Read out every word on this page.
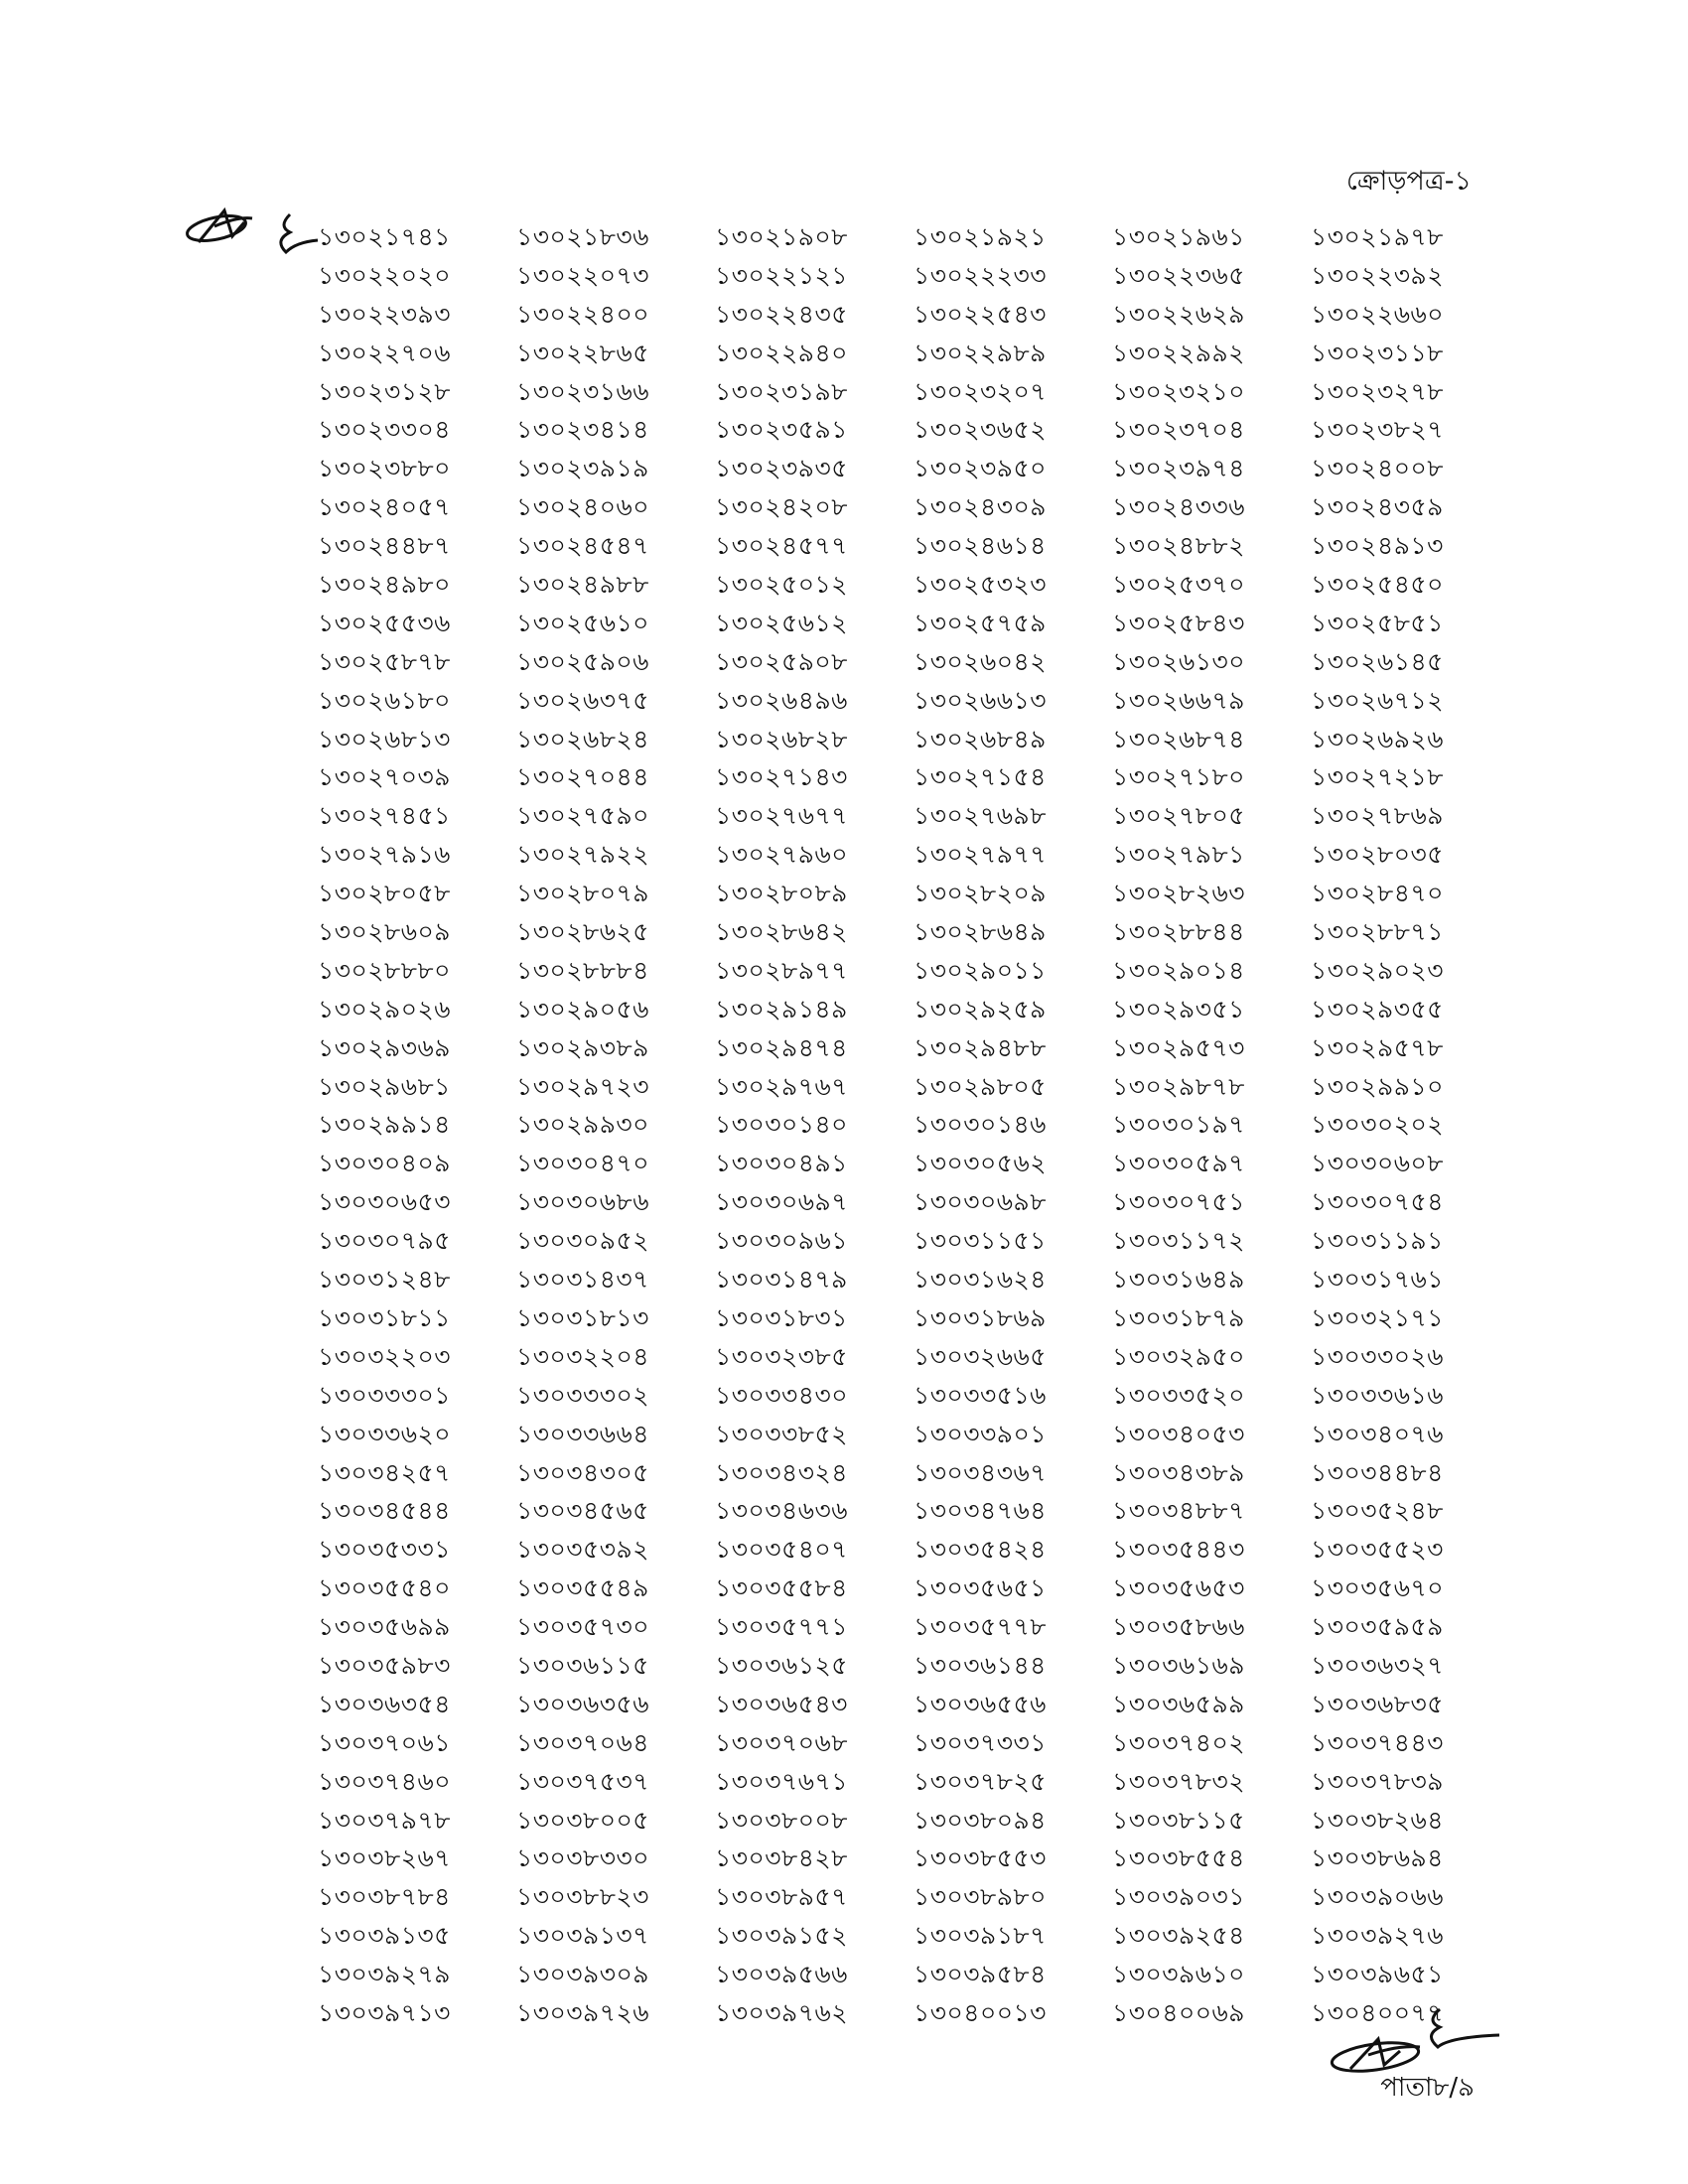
ক্রোড়পত্র-১
১৩০২১৭৪১	১৩০২১৮৩৬	১৩০২১৯০৮	১৩০২১৯২১	১৩০২১৯৬১	১৩০২১৯৭৮
১৩০২২০২০	১৩০২২০৭৩	১৩০২২১২১	১৩০২২২৩৩	১৩০২২৩৬৫	১৩০২২৩৯২
১৩০২২৩৯৩	১৩০২২৪০০	১৩০২২৪৩৫	১৩০২২৫৪৩	১৩০২২৬২৯	১৩০২২৬৬০
১৩০২২৭০৬	১৩০২২৮৬৫	১৩০২২৯৪০	১৩০২২৯৮৯	১৩০২২৯৯২	১৩০২৩১১৮
১৩০২৩১২৮	১৩০২৩১৬৬	১৩০২৩১৯৮	১৩০২৩২০৭	১৩০২৩২১০	১৩০২৩২৭৮
১৩০২৩৩০৪	১৩০২৩৪১৪	১৩০২৩৫৯১	১৩০২৩৬৫২	১৩০২৩৭০৪	১৩০২৩৮২৭
১৩০২৩৮৮০	১৩০২৩৯১৯	১৩০২৩৯৩৫	১৩০২৩৯৫০	১৩০২৩৯৭৪	১৩০২৪০০৮
১৩০২৪০৫৭	১৩০২৪০৬০	১৩০২৪২০৮	১৩০২৪৩০৯	১৩০২৪৩৩৬	১৩০২৪৩৫৯
১৩০২৪৪৮৭	১৩০২৪৫৪৭	১৩০২৪৫৭৭	১৩০২৪৬১৪	১৩০২৪৮৮২	১৩০২৪৯১৩
১৩০২৪৯৮০	১৩০২৪৯৮৮	১৩০২৫০১২	১৩০২৫৩২৩	১৩০২৫৩৭০	১৩০২৫৪৫০
১৩০২৫৫৩৬	১৩০২৫৬১০	১৩০২৫৬১২	১৩০২৫৭৫৯	১৩০২৫৮৪৩	১৩০২৫৮৫১
১৩০২৫৮৭৮	১৩০২৫৯০৬	১৩০২৫৯০৮	১৩০২৬০৪২	১৩০২৬১৩০	১৩০২৬১৪৫
১৩০২৬১৮০	১৩০২৬৩৭৫	১৩০২৬৪৯৬	১৩০২৬৬১৩	১৩০২৬৬৭৯	১৩০২৬৭১২
১৩০২৬৮১৩	১৩০২৬৮২৪	১৩০২৬৮২৮	১৩০২৬৮৪৯	১৩০২৬৮৭৪	১৩০২৬৯২৬
১৩০২৭০৩৯	১৩০২৭০৪৪	১৩০২৭১৪৩	১৩০২৭১৫৪	১৩০২৭১৮০	১৩০২৭২১৮
১৩০২৭৪৫১	১৩০২৭৫৯০	১৩০২৭৬৭৭	১৩০২৭৬৯৮	১৩০২৭৮০৫	১৩০২৭৮৬৯
১৩০২৭৯১৬	১৩০২৭৯২২	১৩০২৭৯৬০	১৩০২৭৯৭৭	১৩০২৭৯৮১	১৩০২৮০৩৫
১৩০২৮০৫৮	১৩০২৮০৭৯	১৩০২৮০৮৯	১৩০২৮২০৯	১৩০২৮২৬৩	১৩০২৮৪৭০
১৩০২৮৬০৯	১৩০২৮৬২৫	১৩০২৮৬৪২	১৩০২৮৬৪৯	১৩০২৮৮৪৪	১৩০২৮৮৭১
১৩০২৮৮৮০	১৩০২৮৮৮৪	১৩০২৮৯৭৭	১৩০২৯০১১	১৩০২৯০১৪	১৩০২৯০২৩
১৩০২৯০২৬	১৩০২৯০৫৬	১৩০২৯১৪৯	১৩০২৯২৫৯	১৩০২৯৩৫১	১৩০২৯৩৫৫
১৩০২৯৩৬৯	১৩০২৯৩৮৯	১৩০২৯৪৭৪	১৩০২৯৪৮৮	১৩০২৯৫৭৩	১৩০২৯৫৭৮
১৩০২৯৬৮১	১৩০২৯৭২৩	১৩০২৯৭৬৭	১৩০২৯৮০৫	১৩০২৯৮৭৮	১৩০২৯৯১০
১৩০২৯৯১৪	১৩০২৯৯৩০	১৩০৩০১৪০	১৩০৩০১৪৬	১৩০৩০১৯৭	১৩০৩০২০২
১৩০৩০৪০৯	১৩০৩০৪৭০	১৩০৩০৪৯১	১৩০৩০৫৬২	১৩০৩০৫৯৭	১৩০৩০৬০৮
১৩০৩০৬৫৩	১৩০৩০৬৮৬	১৩০৩০৬৯৭	১৩০৩০৬৯৮	১৩০৩০৭৫১	১৩০৩০৭৫৪
১৩০৩০৭৯৫	১৩০৩০৯৫২	১৩০৩০৯৬১	১৩০৩১১৫১	১৩০৩১১৭২	১৩০৩১১৯১
১৩০৩১২৪৮	১৩০৩১৪৩৭	১৩০৩১৪৭৯	১৩০৩১৬২৪	১৩০৩১৬৪৯	১৩০৩১৭৬১
১৩০৩১৮১১	১৩০৩১৮১৩	১৩০৩১৮৩১	১৩০৩১৮৬৯	১৩০৩১৮৭৯	১৩০৩২১৭১
১৩০৩২২০৩	১৩০৩২২০৪	১৩০৩২৩৮৫	১৩০৩২৬৬৫	১৩০৩২৯৫০	১৩০৩৩০২৬
১৩০৩৩৩০১	১৩০৩৩৩০২	১৩০৩৩৪৩০	১৩০৩৩৫১৬	১৩০৩৩৫২০	১৩০৩৩৬১৬
১৩০৩৩৬২০	১৩০৩৩৬৬৪	১৩০৩৩৮৫২	১৩০৩৩৯০১	১৩০৩৪০৫৩	১৩০৩৪০৭৬
১৩০৩৪২৫৭	১৩০৩৪৩০৫	১৩০৩৪৩২৪	১৩০৩৪৩৬৭	১৩০৩৪৩৮৯	১৩০৩৪৪৮৪
১৩০৩৪৫৪৪	১৩০৩৪৫৬৫	১৩০৩৪৬৩৬	১৩০৩৪৭৬৪	১৩০৩৪৮৮৭	১৩০৩৫২৪৮
১৩০৩৫৩৩১	১৩০৩৫৩৯২	১৩০৩৫৪০৭	১৩০৩৫৪২৪	১৩০৩৫৪৪৩	১৩০৩৫৫২৩
১৩০৩৫৫৪০	১৩০৩৫৫৪৯	১৩০৩৫৫৮৪	১৩০৩৫৬৫১	১৩০৩৫৬৫৩	১৩০৩৫৬৭০
১৩০৩৫৬৯৯	১৩০৩৫৭৩০	১৩০৩৫৭৭১	১৩০৩৫৭৭৮	১৩০৩৫৮৬৬	১৩০৩৫৯৫৯
১৩০৩৫৯৮৩	১৩০৩৬১১৫	১৩০৩৬১২৫	১৩০৩৬১৪৪	১৩০৩৬১৬৯	১৩০৩৬৩২৭
১৩০৩৬৩৫৪	১৩০৩৬৩৫৬	১৩০৩৬৫৪৩	১৩০৩৬৫৫৬	১৩০৩৬৫৯৯	১৩০৩৬৮৩৫
১৩০৩৭০৬১	১৩০৩৭০৬৪	১৩০৩৭০৬৮	১৩০৩৭৩৩১	১৩০৩৭৪০২	১৩০৩৭৪৪৩
১৩০৩৭৪৬০	১৩০৩৭৫৩৭	১৩০৩৭৬৭১	১৩০৩৭৮২৫	১৩০৩৭৮৩২	১৩০৩৭৮৩৯
১৩০৩৭৯৭৮	১৩০৩৮০০৫	১৩০৩৮০০৮	১৩০৩৮০৯৪	১৩০৩৮১১৫	১৩০৩৮২৬৪
১৩০৩৮২৬৭	১৩০৩৮৩৩০	১৩০৩৮৪২৮	১৩০৩৮৫৫৩	১৩০৩৮৫৫৪	১৩০৩৮৬৯৪
১৩০৩৮৭৮৪	১৩০৩৮৮২৩	১৩০৩৮৯৫৭	১৩০৩৮৯৮০	১৩০৩৯০৩১	১৩০৩৯০৬৬
১৩০৩৯১৩৫	১৩০৩৯১৩৭	১৩০৩৯১৫২	১৩০৩৯১৮৭	১৩০৩৯২৫৪	১৩০৩৯২৭৬
১৩০৩৯২৭৯	১৩০৩৯৩০৯	১৩০৩৯৫৬৬	১৩০৩৯৫৮৪	১৩০৩৯৬১০	১৩০৩৯৬৫১
১৩০৩৯৭১৩	১৩০৩৯৭২৬	১৩০৩৯৭৬২	১৩০৪০০১৩	১৩০৪০০৬৯	১৩০৪০০৭৭
পাতা৮/৯
